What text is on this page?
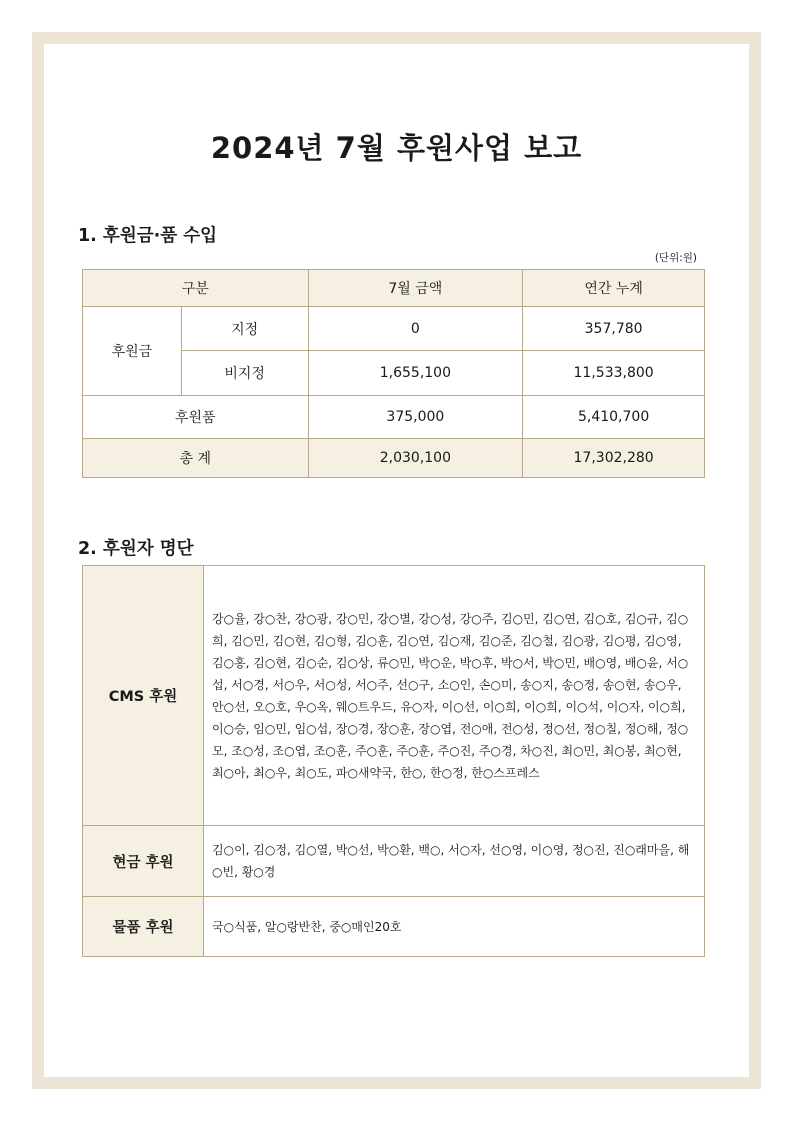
2024년 7월 후원사업 보고
1. 후원금·품 수입
(단위:원)
구분		7월 금액	연간 누계
후원금	지정	0	357,780
	비지정	1,655,100	11,533,800
후원품		375,000	5,410,700
총 계		2,030,100	17,302,280
2. 후원자 명단
CMS 후원	강○율, 강○찬, 강○광, 강○민, 강○별, 강○성, 강○주, 김○민, 김○연, 김○호, 김○규, 김○희, 김○민, 김○현, 김○형, 김○훈, 김○연, 김○재, 김○준, 김○철, 김○광, 김○평, 김○영, 김○홍, 김○현, 김○순, 김○상, 류○민, 박○운, 박○후, 박○서, 박○민, 배○영, 배○윤, 서○섭, 서○경, 서○우, 서○성, 서○주, 선○구, 소○인, 손○미, 송○지, 송○정, 송○현, 송○우, 안○선, 오○호, 우○옥, 웨○트우드, 유○자, 이○선, 이○희, 이○희, 이○석, 이○자, 이○희, 이○승, 임○민, 임○섭, 장○경, 장○훈, 장○엽, 전○애, 전○성, 정○선, 정○칠, 정○해, 정○모, 조○성, 조○엽, 조○훈, 주○훈, 주○훈, 주○진, 주○경, 차○진, 최○민, 최○봉, 최○현, 최○아, 최○우, 최○도, 파○새약국, 한○, 한○정, 한○스프레스
현금 후원	김○이, 김○정, 김○열, 박○선, 박○환, 백○, 서○자, 선○영, 이○영, 정○진, 진○래마을, 해○빈, 황○경
물품 후원	국○식품, 알○랑반찬, 중○매인20호
